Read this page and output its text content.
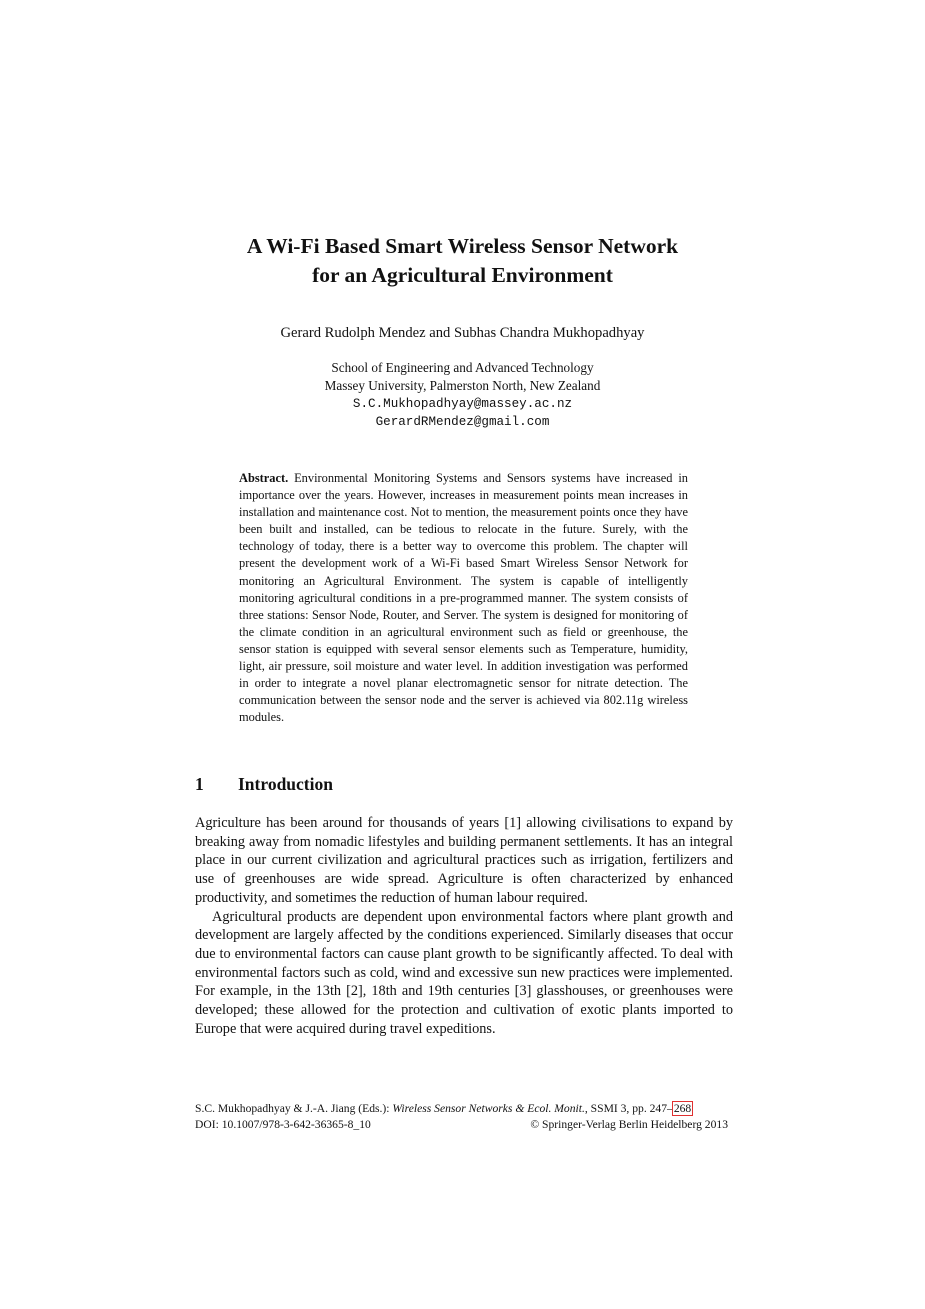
A Wi-Fi Based Smart Wireless Sensor Network
for an Agricultural Environment
Gerard Rudolph Mendez and Subhas Chandra Mukhopadhyay
School of Engineering and Advanced Technology
Massey University, Palmerston North, New Zealand
S.C.Mukhopadhyay@massey.ac.nz
GerardRMendez@gmail.com
Abstract. Environmental Monitoring Systems and Sensors systems have increased in importance over the years. However, increases in measurement points mean increases in installation and maintenance cost. Not to mention, the measurement points once they have been built and installed, can be tedious to relocate in the future. Surely, with the technology of today, there is a better way to overcome this problem. The chapter will present the development work of a Wi-Fi based Smart Wireless Sensor Network for monitoring an Agricultural Environment. The system is capable of intelligently monitoring agricultural conditions in a pre-programmed manner. The system consists of three stations: Sensor Node, Router, and Server. The system is designed for monitoring of the climate condition in an agricultural environment such as field or greenhouse, the sensor station is equipped with several sensor elements such as Temperature, humidity, light, air pressure, soil moisture and water level. In addition investigation was performed in order to integrate a novel planar electromagnetic sensor for nitrate detection. The communication between the sensor node and the server is achieved via 802.11g wireless modules.
1 Introduction

Agriculture has been around for thousands of years [1] allowing civilisations to expand by breaking away from nomadic lifestyles and building permanent settlements. It has an integral place in our current civilization and agricultural practices such as irrigation, fertilizers and use of greenhouses are wide spread. Agriculture is often characterized by enhanced productivity, and sometimes the reduction of human labour required.

Agricultural products are dependent upon environmental factors where plant growth and development are largely affected by the conditions experienced. Similarly diseases that occur due to environmental factors can cause plant growth to be significantly affected. To deal with environmental factors such as cold, wind and excessive sun new practices were implemented. For example, in the 13th [2], 18th and 19th centuries [3] glasshouses, or greenhouses were developed; these allowed for the protection and cultivation of exotic plants imported to Europe that were acquired during travel expeditions.

S.C. Mukhopadhyay & J.-A. Jiang (Eds.): Wireless Sensor Networks & Ecol. Monit., SSMI 3, pp. 247–268
DOI: 10.1007/978-3-642-36365-8_10	© Springer-Verlag Berlin Heidelberg 2013
